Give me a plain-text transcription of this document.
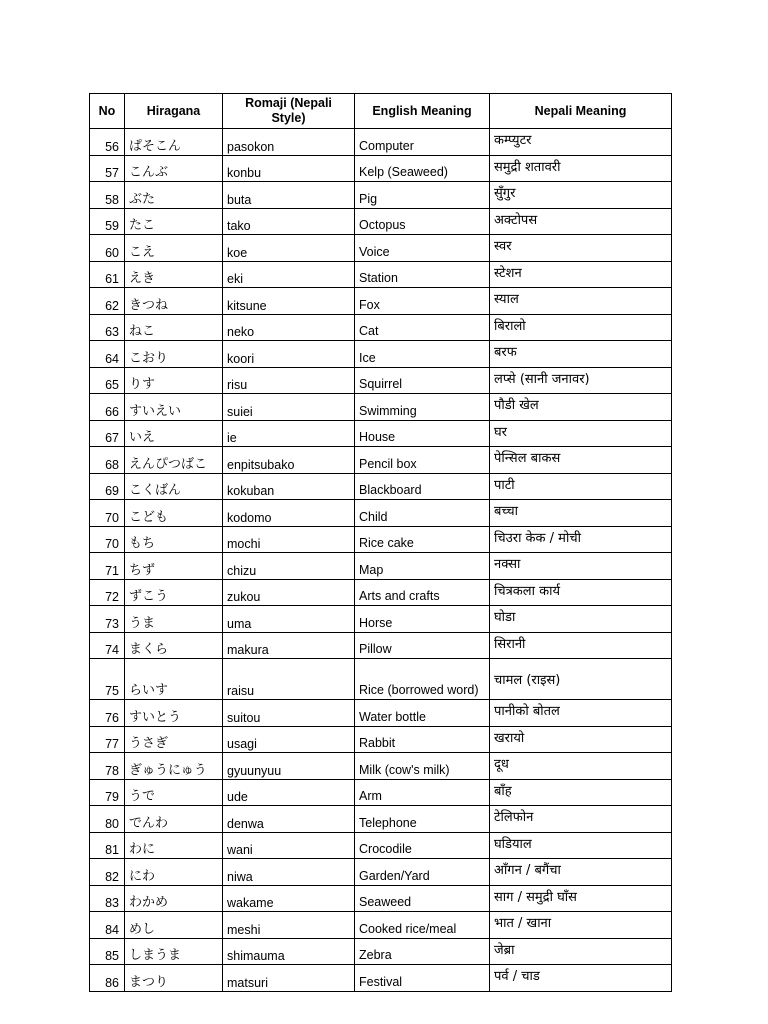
No	Hiragana	Romaji (Nepali Style)	English Meaning	Nepali Meaning
56	ぱそこん	pasokon	Computer	कम्प्युटर
57	こんぶ	konbu	Kelp (Seaweed)	समुद्री शतावरी
58	ぶた	buta	Pig	सुँगुर
59	たこ	tako	Octopus	अक्टोपस
60	こえ	koe	Voice	स्वर
61	えき	eki	Station	स्टेशन
62	きつね	kitsune	Fox	स्याल
63	ねこ	neko	Cat	बिरालो
64	こおり	koori	Ice	बरफ
65	りす	risu	Squirrel	लप्से (सानी जनावर)
66	すいえい	suiei	Swimming	पौडी खेल
67	いえ	ie	House	घर
68	えんぴつばこ	enpitsubako	Pencil box	पेन्सिल बाकस
69	こくばん	kokuban	Blackboard	पाटी
70	こども	kodomo	Child	बच्चा
70	もち	mochi	Rice cake	चिउरा केक / मोची
71	ちず	chizu	Map	नक्सा
72	ずこう	zukou	Arts and crafts	चित्रकला कार्य
73	うま	uma	Horse	घोडा
74	まくら	makura	Pillow	सिरानी
75	らいす	raisu	Rice (borrowed word)	चामल (राइस)
76	すいとう	suitou	Water bottle	पानीको बोतल
77	うさぎ	usagi	Rabbit	खरायो
78	ぎゅうにゅう	gyuunyuu	Milk (cow's milk)	दूध
79	うで	ude	Arm	बाँह
80	でんわ	denwa	Telephone	टेलिफोन
81	わに	wani	Crocodile	घडियाल
82	にわ	niwa	Garden/Yard	आँगन / बगैंचा
83	わかめ	wakame	Seaweed	साग / समुद्री घाँस
84	めし	meshi	Cooked rice/meal	भात / खाना
85	しまうま	shimauma	Zebra	जेब्रा
86	まつり	matsuri	Festival	पर्व / चाड
